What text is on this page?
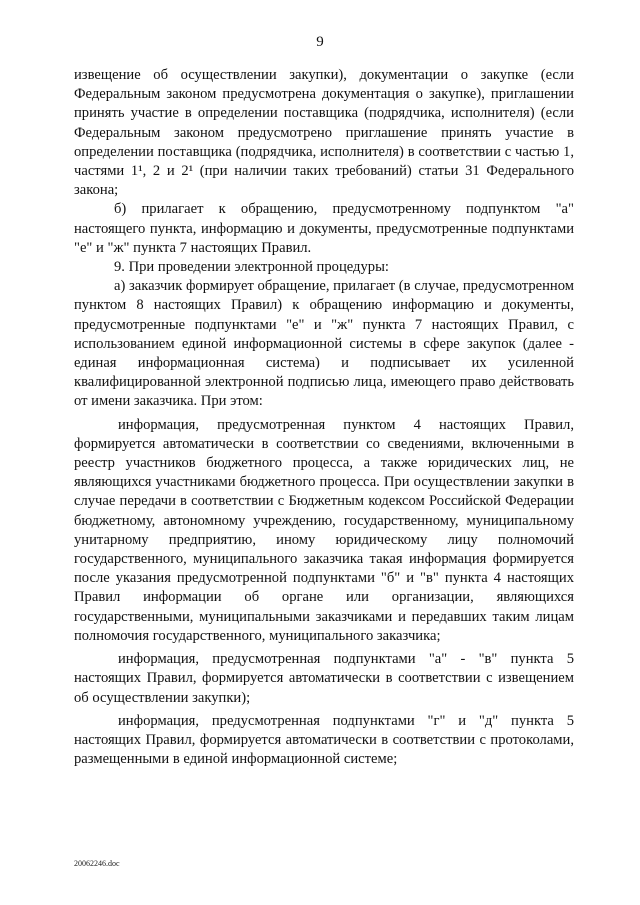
9

извещение об осуществлении закупки), документации о закупке (если Федеральным законом предусмотрена документация о закупке), приглашении принять участие в определении поставщика (подрядчика, исполнителя) (если Федеральным законом предусмотрено приглашение принять участие в определении поставщика (подрядчика, исполнителя) в соответствии с частью 1, частями 1¹, 2 и 2¹ (при наличии таких требований) статьи 31 Федерального закона;

б) прилагает к обращению, предусмотренному подпунктом "а" настоящего пункта, информацию и документы, предусмотренные подпунктами "е" и "ж" пункта 7 настоящих Правил.

9. При проведении электронной процедуры:

а) заказчик формирует обращение, прилагает (в случае, предусмотренном пунктом 8 настоящих Правил) к обращению информацию и документы, предусмотренные подпунктами "е" и "ж" пункта 7 настоящих Правил, с использованием единой информационной системы в сфере закупок (далее - единая информационная система) и подписывает их усиленной квалифицированной электронной подписью лица, имеющего право действовать от имени заказчика. При этом:

информация, предусмотренная пунктом 4 настоящих Правил, формируется автоматически в соответствии со сведениями, включенными в реестр участников бюджетного процесса, а также юридических лиц, не являющихся участниками бюджетного процесса. При осуществлении закупки в случае передачи в соответствии с Бюджетным кодексом Российской Федерации бюджетному, автономному учреждению, государственному, муниципальному унитарному предприятию, иному юридическому лицу полномочий государственного, муниципального заказчика такая информация формируется после указания предусмотренной подпунктами "б" и "в" пункта 4 настоящих Правил информации об органе или организации, являющихся государственными, муниципальными заказчиками и передавших таким лицам полномочия государственного, муниципального заказчика;

информация, предусмотренная подпунктами "а" - "в" пункта 5 настоящих Правил, формируется автоматически в соответствии с извещением об осуществлении закупки);

информация, предусмотренная подпунктами "г" и "д" пункта 5 настоящих Правил, формируется автоматически в соответствии с протоколами, размещенными в единой информационной системе;

20062246.doc
